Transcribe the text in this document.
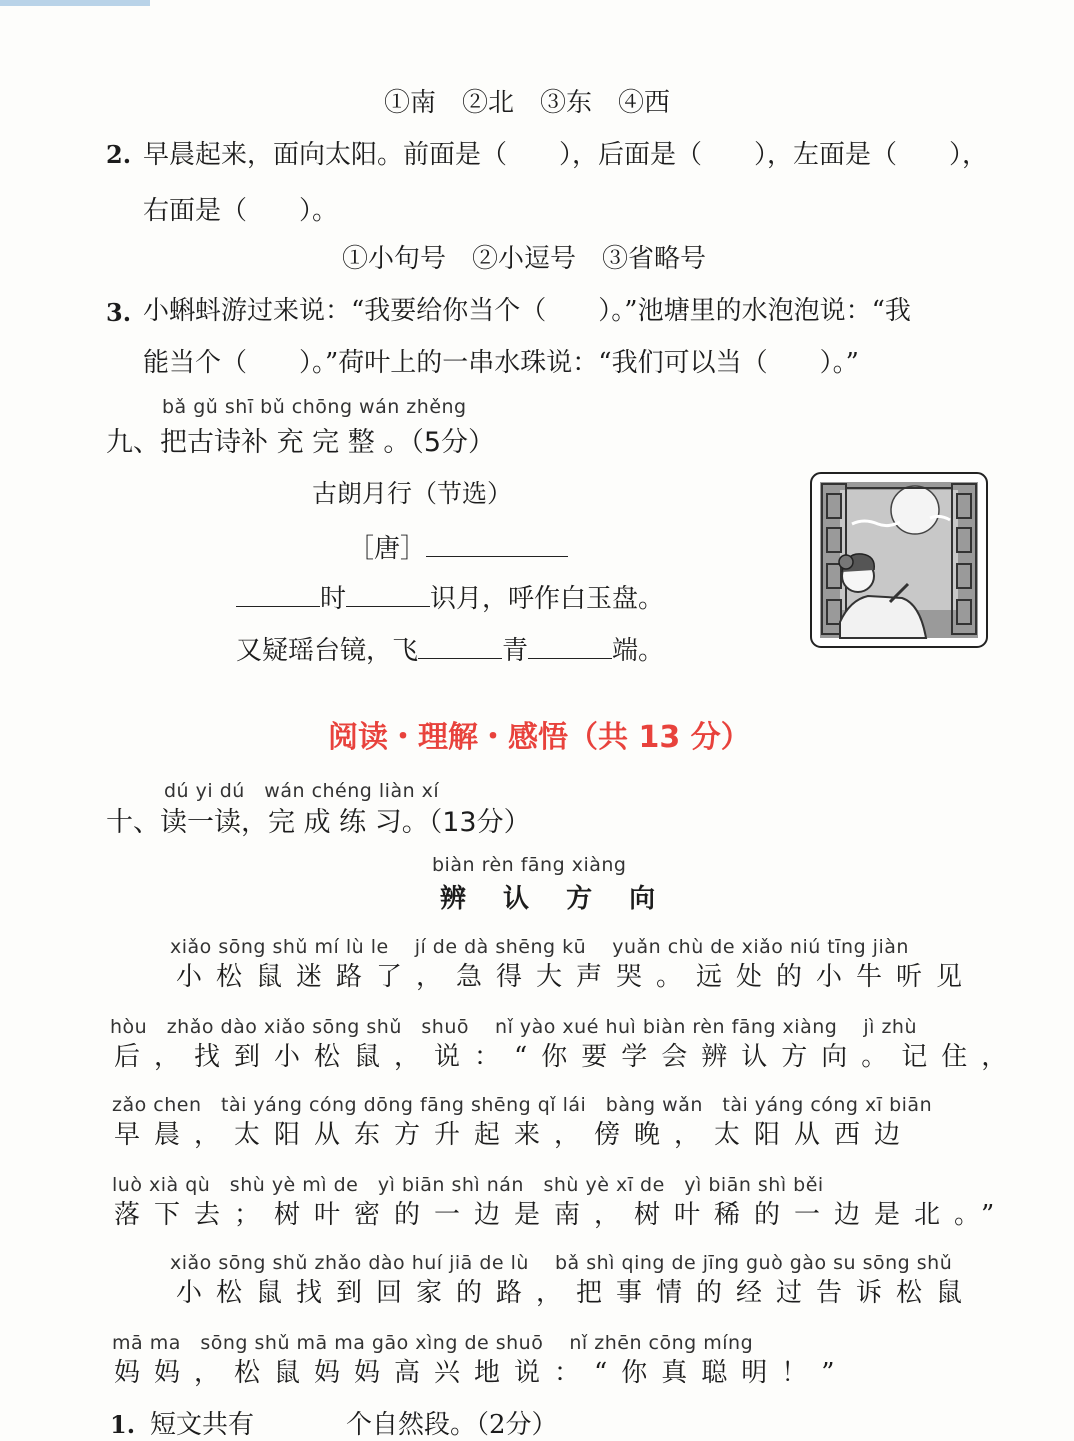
①南　②北　③东　④西
2. 早晨起来，面向太阳。前面是（　　），后面是（　　），左面是（　　），
右面是（　　）。
①小句号　②小逗号　③省略号
3. 小蝌蚪游过来说：“我要给你当个（　　）。”池塘里的水泡泡说：“我
能当个（　　）。”荷叶上的一串水珠说：“我们可以当（　　）。”
bǎ gǔ shī bǔ chōng wán zhěng
九、把古诗补 充 完 整 。（5分）
古朗月行（节选）
［唐］
时	识月，呼作白玉盘。
又疑瑶台镜，飞	青	端。
阅读・理解・感悟（共 13 分）
dú yi dú　wán chéng liàn xí
十、读一读，完 成 练 习。（13分）
biàn rèn fāng xiàng
辨 认 方 向
xiǎo sōng shǔ mí lù le　 jí de dà shēng kū　 yuǎn chù de xiǎo niú tīng jiàn
小松鼠迷路了，急得大声哭。远处的小牛听见
hòu　zhǎo dào xiǎo sōng shǔ　shuō　 nǐ yào xué huì biàn rèn fāng xiàng　 jì zhù
后，找到小松鼠，说：“你要学会辨认方向。记住，
zǎo chen　tài yáng cóng dōng fāng shēng qǐ lái　bàng wǎn　tài yáng cóng xī biān
早晨，太阳从东方升起来，傍晚，太阳从西边
luò xià qù　shù yè mì de　yì biān shì nán　shù yè xī de　yì biān shì běi
落下去；树叶密的一边是南，树叶稀的一边是北。”
xiǎo sōng shǔ zhǎo dào huí jiā de lù　 bǎ shì qing de jīng guò gào su sōng shǔ
小松鼠找到回家的路，把事情的经过告诉松鼠
mā ma　sōng shǔ mā ma gāo xìng de shuō　 nǐ zhēn cōng míng
妈妈，松鼠妈妈高兴地说：“你真聪明！”
1. 短文共有	个自然段。（2分）
